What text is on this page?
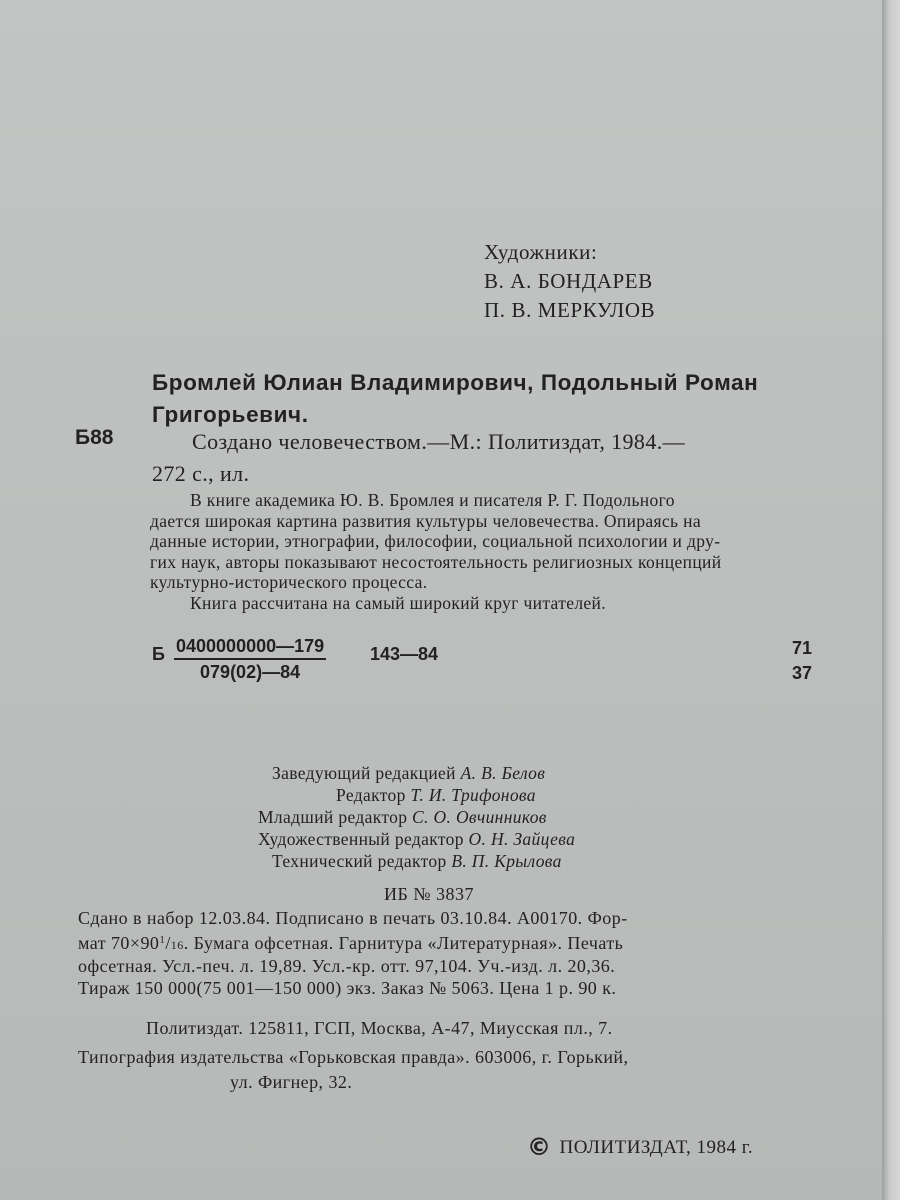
Художники:
В. А. БОНДАРЕВ
П. В. МЕРКУЛОВ
Бромлей Юлиан Владимирович, Подольный Роман Григорьевич.
Б88	Создано человечеством.—М.: Политиздат, 1984.—
272 с., ил.
В книге академика Ю. В. Бромлея и писателя Р. Г. Подольного
дается широкая картина развития культуры человечества. Опираясь на
данные истории, этнографии, философии, социальной психологии и дру-
гих наук, авторы показывают несостоятельность религиозных концепций
культурно-исторического процесса.
Книга рассчитана на самый широкий круг читателей.
Б $\frac{0400000000—179}{079(02)—84}$ 143—84	71
37
Заведующий редакцией А. В. Белов
Редактор Т. И. Трифонова
Младший редактор С. О. Овчинников
Художественный редактор О. Н. Зайцева
Технический редактор В. П. Крылова
ИБ № 3837
Сдано в набор 12.03.84. Подписано в печать 03.10.84. А00170. Фор-
мат $70\times 90^1/16$. Бумага офсетная. Гарнитура «Литературная». Печать
офсетная. Усл.-печ. л. 19,89. Усл.-кр. отт. 97,104. Уч.-изд. л. 20,36.
Тираж 150 000(75 001—150 000) экз. Заказ № 5063. Цена 1 р. 90 к.
Политиздат. 125811, ГСП, Москва, А-47, Миусская пл., 7.
Типография издательства «Горьковская правда». 603006, г. Горький,
ул. Фигнер, 32.
© ПОЛИТИЗДАТ, 1984 г.
